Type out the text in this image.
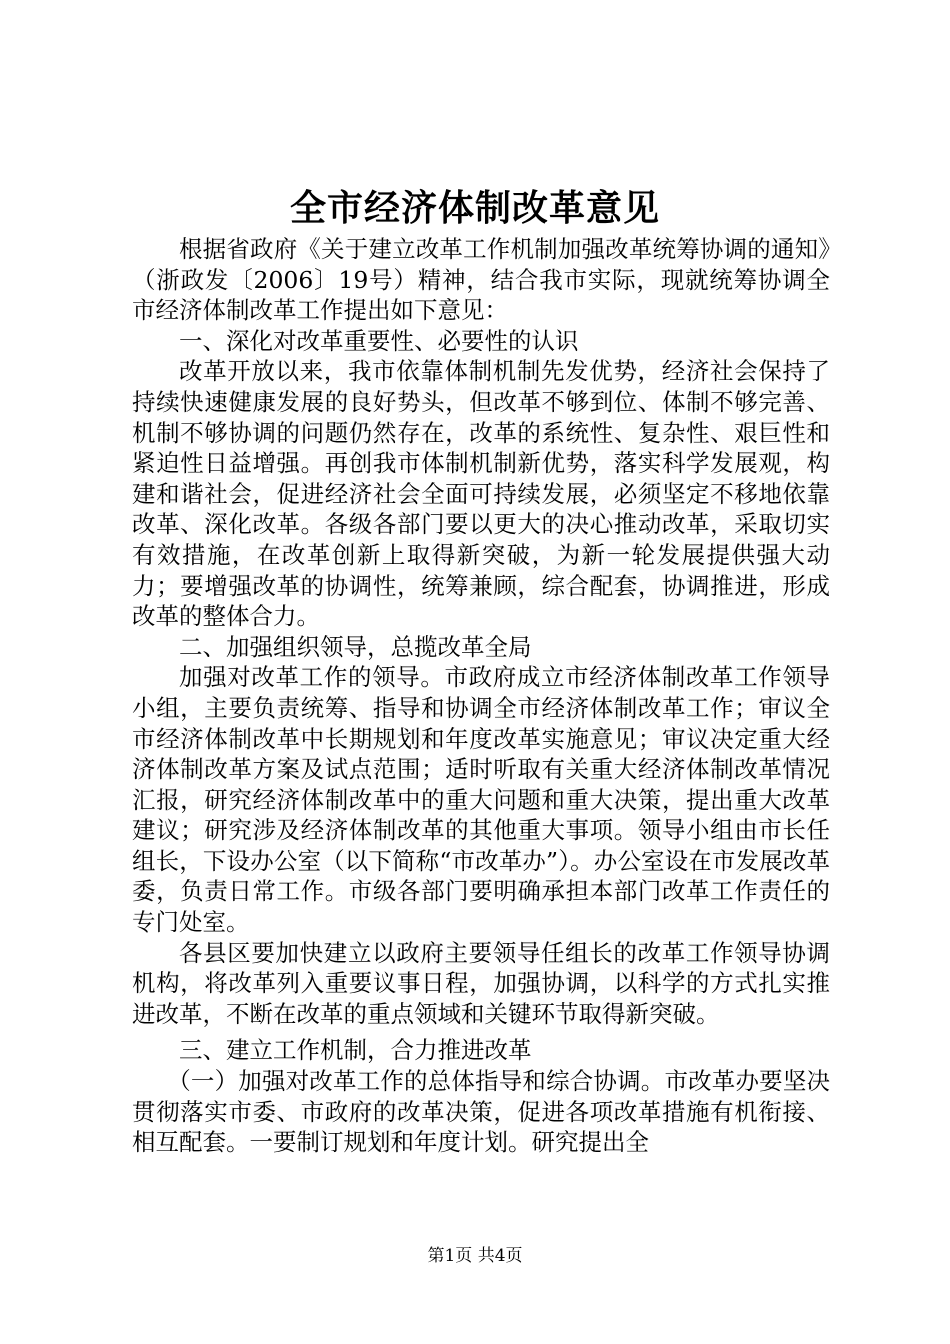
全市经济体制改革意见

根据省政府《关于建立改革工作机制加强改革统筹协调的通知》（浙政发〔2006〕19号）精神，结合我市实际，现就统筹协调全市经济体制改革工作提出如下意见：

一、深化对改革重要性、必要性的认识

改革开放以来，我市依靠体制机制先发优势，经济社会保持了持续快速健康发展的良好势头，但改革不够到位、体制不够完善、机制不够协调的问题仍然存在，改革的系统性、复杂性、艰巨性和紧迫性日益增强。再创我市体制机制新优势，落实科学发展观，构建和谐社会，促进经济社会全面可持续发展，必须坚定不移地依靠改革、深化改革。各级各部门要以更大的决心推动改革，采取切实有效措施，在改革创新上取得新突破，为新一轮发展提供强大动力；要增强改革的协调性，统筹兼顾，综合配套，协调推进，形成改革的整体合力。

二、加强组织领导，总揽改革全局

加强对改革工作的领导。市政府成立市经济体制改革工作领导小组，主要负责统筹、指导和协调全市经济体制改革工作；审议全市经济体制改革中长期规划和年度改革实施意见；审议决定重大经济体制改革方案及试点范围；适时听取有关重大经济体制改革情况汇报，研究经济体制改革中的重大问题和重大决策，提出重大改革建议；研究涉及经济体制改革的其他重大事项。领导小组由市长任组长，下设办公室（以下简称“市改革办”）。办公室设在市发展改革委，负责日常工作。市级各部门要明确承担本部门改革工作责任的专门处室。

各县区要加快建立以政府主要领导任组长的改革工作领导协调机构，将改革列入重要议事日程，加强协调，以科学的方式扎实推进改革，不断在改革的重点领域和关键环节取得新突破。

三、建立工作机制，合力推进改革

（一）加强对改革工作的总体指导和综合协调。市改革办要坚决贯彻落实市委、市政府的改革决策，促进各项改革措施有机衔接、相互配套。一要制订规划和年度计划。研究提出全

第1页 共4页
